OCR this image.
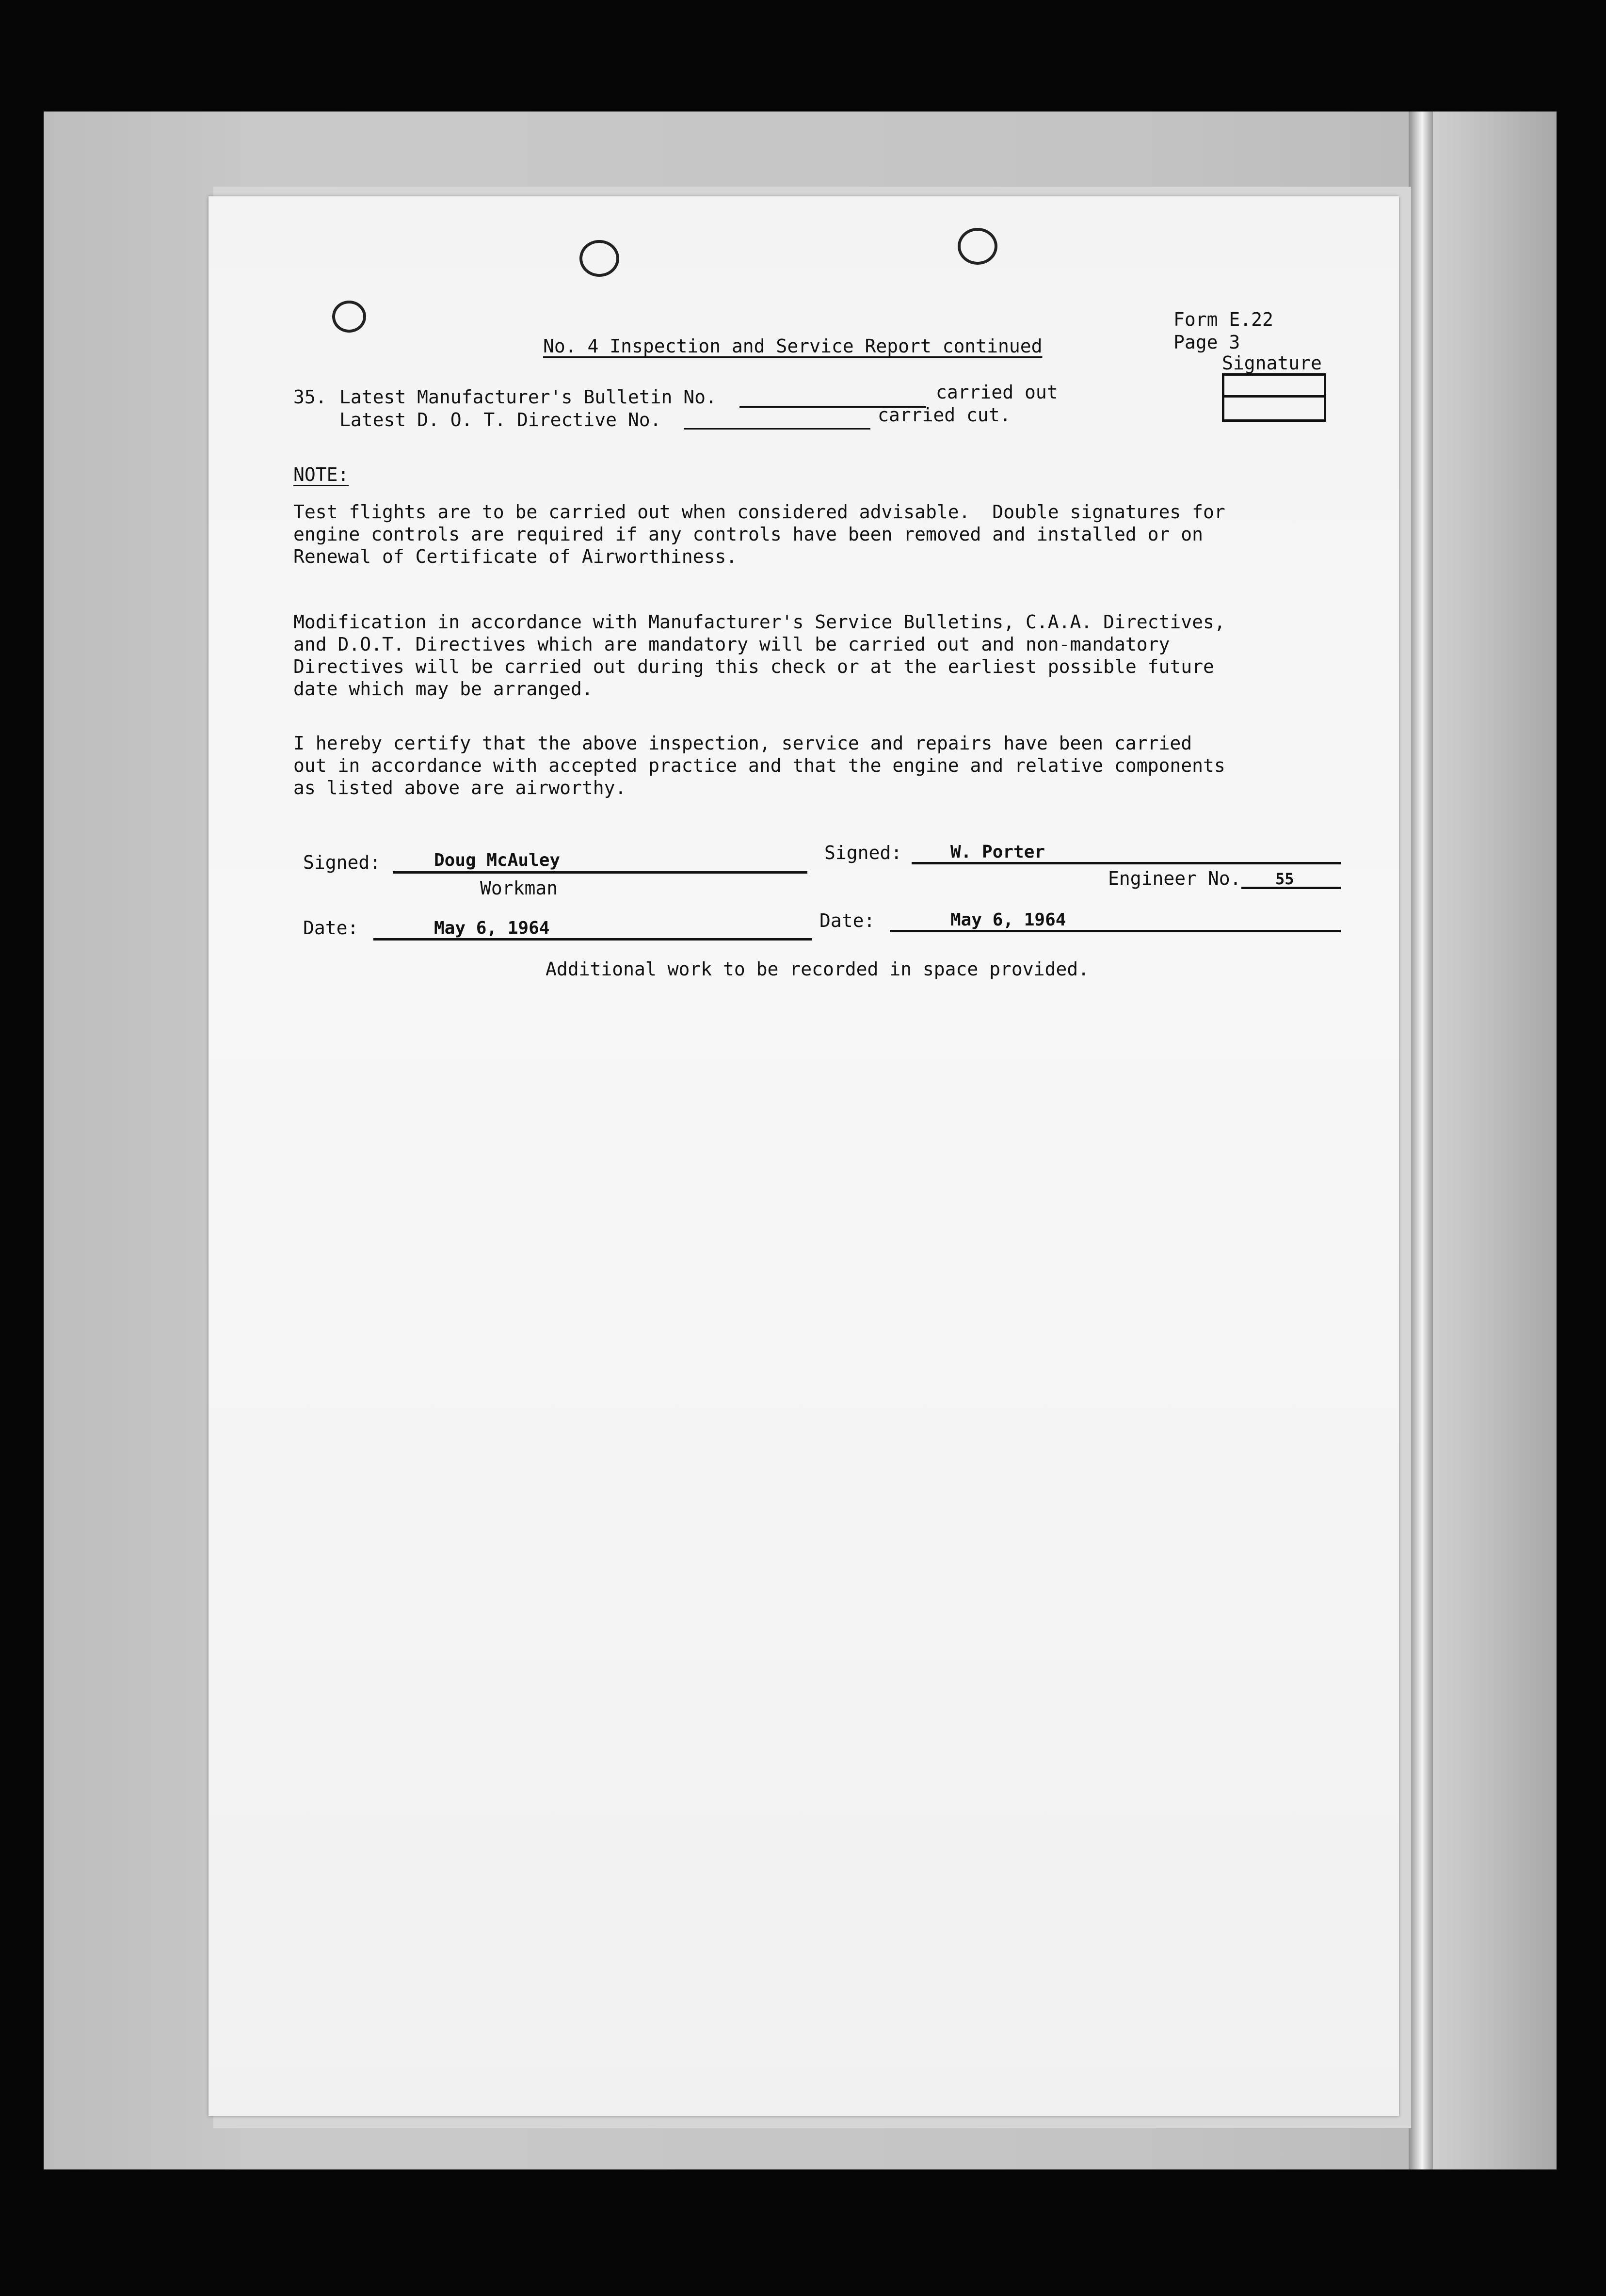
Form E.22
Page 3
Signature
No. 4 Inspection and Service Report continued
35. Latest Manufacturer's Bulletin No.	carried out
Latest D. O. T. Directive No.	carried cut.
NOTE:
Test flights are to be carried out when considered advisable.  Double signatures for
engine controls are required if any controls have been removed and installed or on
Renewal of Certificate of Airworthiness.
Modification in accordance with Manufacturer's Service Bulletins, C.A.A. Directives,
and D.O.T. Directives which are mandatory will be carried out and non-mandatory
Directives will be carried out during this check or at the earliest possible future
date which may be arranged.
I hereby certify that the above inspection, service and repairs have been carried
out in accordance with accepted practice and that the engine and relative components
as listed above are airworthy.
Signed:	Doug McAuley
Workman
Signed:	W. Porter
Engineer No. 55
Date:	May 6, 1964	Date:	May 6, 1964
Additional work to be recorded in space provided.
